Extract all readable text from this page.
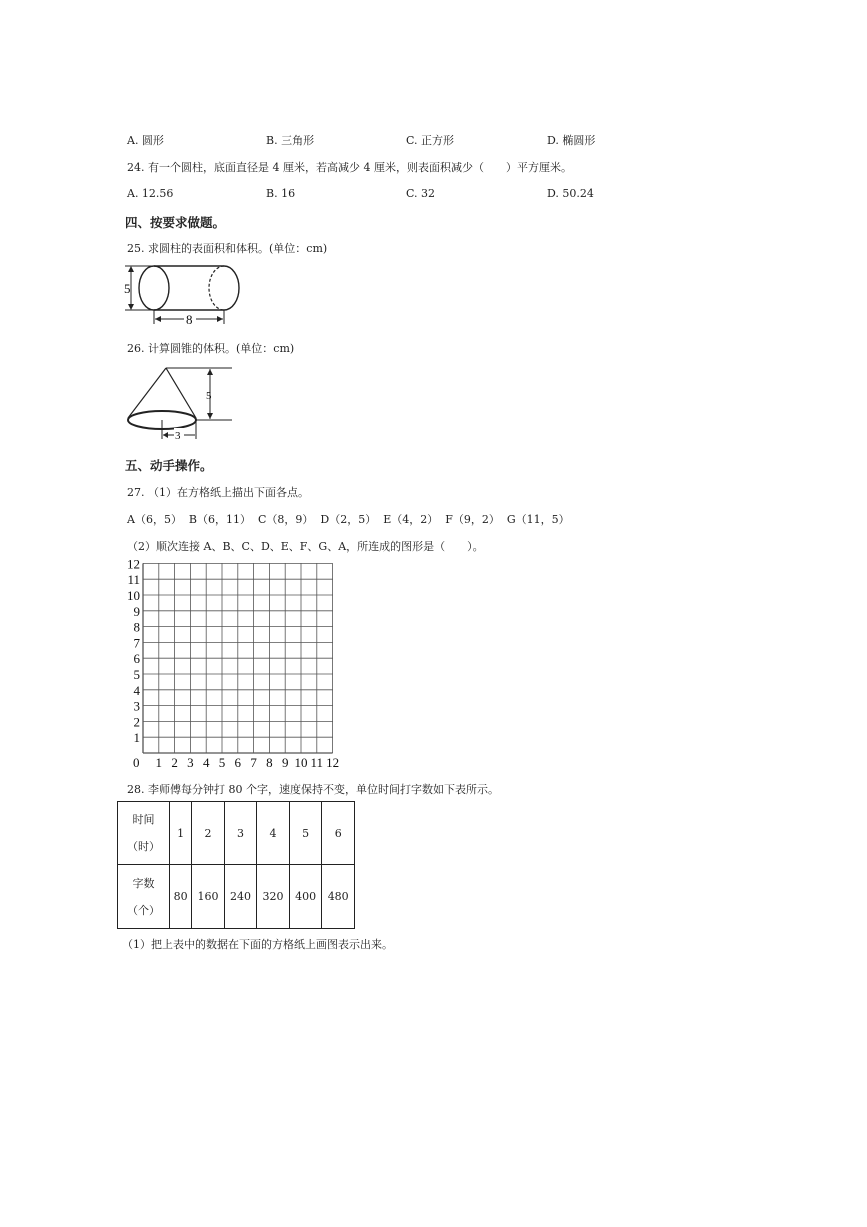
A. 圆形	B. 三角形	C. 正方形	D. 椭圆形
24. 有一个圆柱，底面直径是 4 厘米，若高减少 4 厘米，则表面积减少（　　）平方厘米。
A. 12.56	B. 16	C. 32	D. 50.24
四、按要求做题。
25. 求圆柱的表面积和体积。(单位：cm)
5
8
26. 计算圆锥的体积。(单位：cm)
3
5
五、动手操作。
27. （1）在方格纸上描出下面各点。
A（6，5）  B（6，11）  C（8，9）  D（2，5）  E（4，2）  F（9，2）  G（11，5）
（2）顺次连接 A、B、C、D、E、F、G、A，所连成的图形是（　　）。
0 1 2 3 4 5 6 7 8 9 10 11 12
1
2
3
4
5
6
7
8
9
10
11
12
28. 李师傅每分钟打 80 个字，速度保持不变，单位时间打字数如下表所示。
时间
（时）	1	2	3	4	5	6

字数
（个）	80	160	240	320	400	480
（1）把上表中的数据在下面的方格纸上画图表示出来。
